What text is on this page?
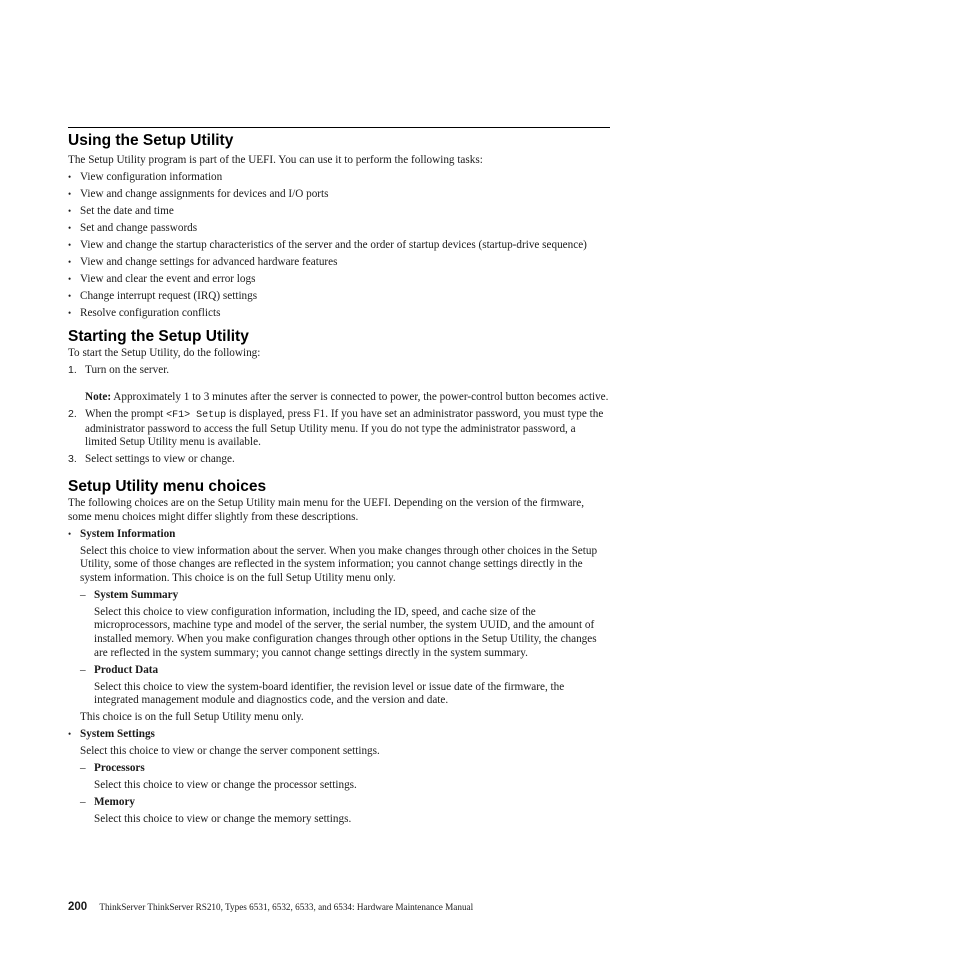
Using the Setup Utility

The Setup Utility program is part of the UEFI. You can use it to perform the following tasks:

• View configuration information
• View and change assignments for devices and I/O ports
• Set the date and time
• Set and change passwords
• View and change the startup characteristics of the server and the order of startup devices (startup-drive sequence)
• View and change settings for advanced hardware features
• View and clear the event and error logs
• Change interrupt request (IRQ) settings
• Resolve configuration conflicts
Starting the Setup Utility

To start the Setup Utility, do the following:

1. Turn on the server.
Note: Approximately 1 to 3 minutes after the server is connected to power, the power-control button becomes active.
2. When the prompt <F1> Setup is displayed, press F1. If you have set an administrator password, you must type the administrator password to access the full Setup Utility menu. If you do not type the administrator password, a limited Setup Utility menu is available.
3. Select settings to view or change.
Setup Utility menu choices

The following choices are on the Setup Utility main menu for the UEFI. Depending on the version of the firmware, some menu choices might differ slightly from these descriptions.

• System Information

Select this choice to view information about the server. When you make changes through other choices in the Setup Utility, some of those changes are reflected in the system information; you cannot change settings directly in the system information. This choice is on the full Setup Utility menu only.

– System Summary

Select this choice to view configuration information, including the ID, speed, and cache size of the microprocessors, machine type and model of the server, the serial number, the system UUID, and the amount of installed memory. When you make configuration changes through other options in the Setup Utility, the changes are reflected in the system summary; you cannot change settings directly in the system summary.

– Product Data

Select this choice to view the system-board identifier, the revision level or issue date of the firmware, the integrated management module and diagnostics code, and the version and date.

This choice is on the full Setup Utility menu only.

• System Settings

Select this choice to view or change the server component settings.

– Processors

Select this choice to view or change the processor settings.

– Memory

Select this choice to view or change the memory settings.

200 ThinkServer ThinkServer RS210, Types 6531, 6532, 6533, and 6534: Hardware Maintenance Manual
